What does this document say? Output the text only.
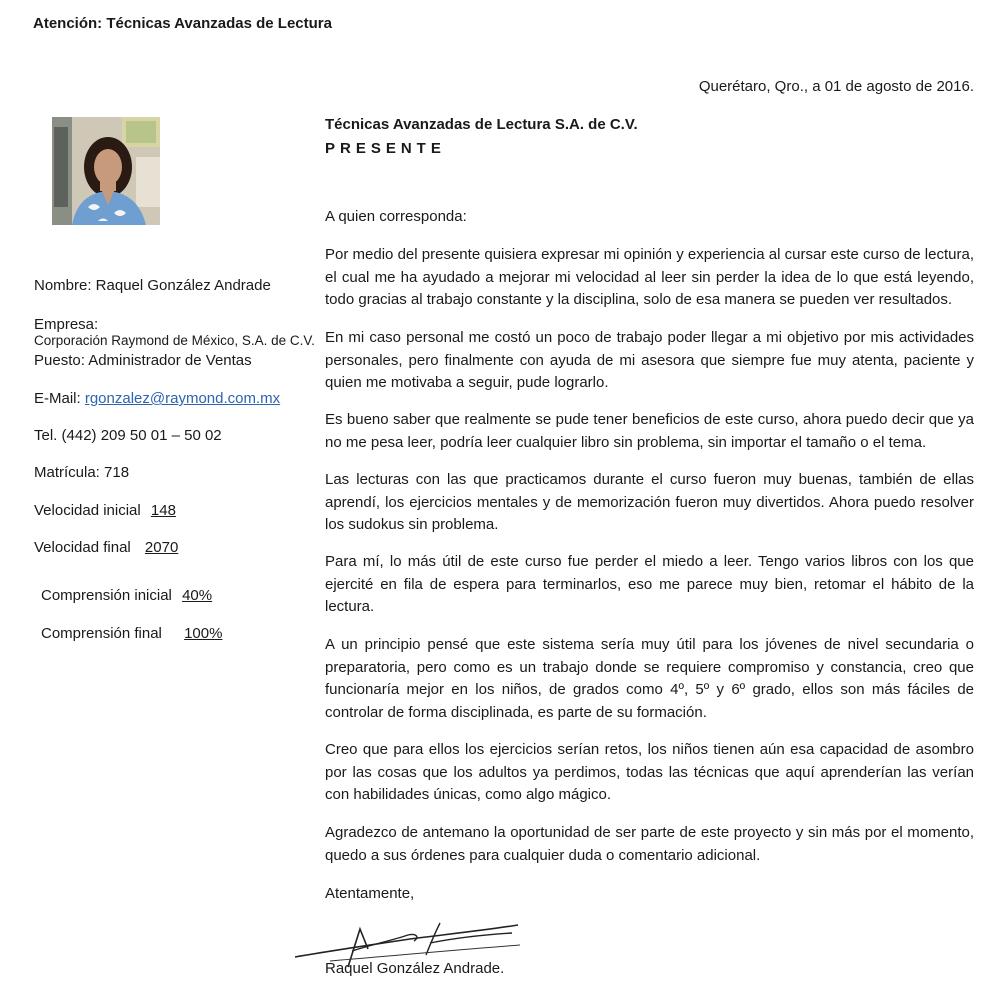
Atención: Técnicas Avanzadas de Lectura
Querétaro, Qro., a 01 de agosto de 2016.
Nombre: Raquel González Andrade
Empresa:
Corporación Raymond de México, S.A. de C.V.
Puesto: Administrador de Ventas
E-Mail: rgonzalez@raymond.com.mx
Tel. (442) 209 50 01 – 50 02
Matrícula: 718
Velocidad inicial 148
Velocidad final 2070
Comprensión inicial 40%
Comprensión final 100%
Técnicas Avanzadas de Lectura S.A. de C.V.
PRESENTE
A quien corresponda:
Por medio del presente quisiera expresar mi opinión y experiencia al cursar este curso de lectura, el cual me ha ayudado a mejorar mi velocidad al leer sin perder la idea de lo que está leyendo, todo gracias al trabajo constante y la disciplina, solo de esa manera se pueden ver resultados.
En mi caso personal me costó un poco de trabajo poder llegar a mi objetivo por mis actividades personales, pero finalmente con ayuda de mi asesora que siempre fue muy atenta, paciente y quien me motivaba a seguir, pude lograrlo.
Es bueno saber que realmente se pude tener beneficios de este curso, ahora puedo decir que ya no me pesa leer, podría leer cualquier libro sin problema, sin importar el tamaño o el tema.
Las lecturas con las que practicamos durante el curso fueron muy buenas, también de ellas aprendí, los ejercicios mentales y de memorización fueron muy divertidos. Ahora puedo resolver los sudokus sin problema.
Para mí, lo más útil de este curso fue perder el miedo a leer. Tengo varios libros con los que ejercité en fila de espera para terminarlos, eso me parece muy bien, retomar el hábito de la lectura.
A un principio pensé que este sistema sería muy útil para los jóvenes de nivel secundaria o preparatoria, pero como es un trabajo donde se requiere compromiso y constancia, creo que funcionaría mejor en los niños, de grados como 4º, 5º y 6º grado, ellos son más fáciles de controlar de forma disciplinada, es parte de su formación.
Creo que para ellos los ejercicios serían retos, los niños tienen aún esa capacidad de asombro por las cosas que los adultos ya perdimos, todas las técnicas que aquí aprenderían las verían con habilidades únicas, como algo mágico.
Agradezco de antemano la oportunidad de ser parte de este proyecto y sin más por el momento, quedo a sus órdenes para cualquier duda o comentario adicional.
Atentamente,
Raquel González Andrade.
